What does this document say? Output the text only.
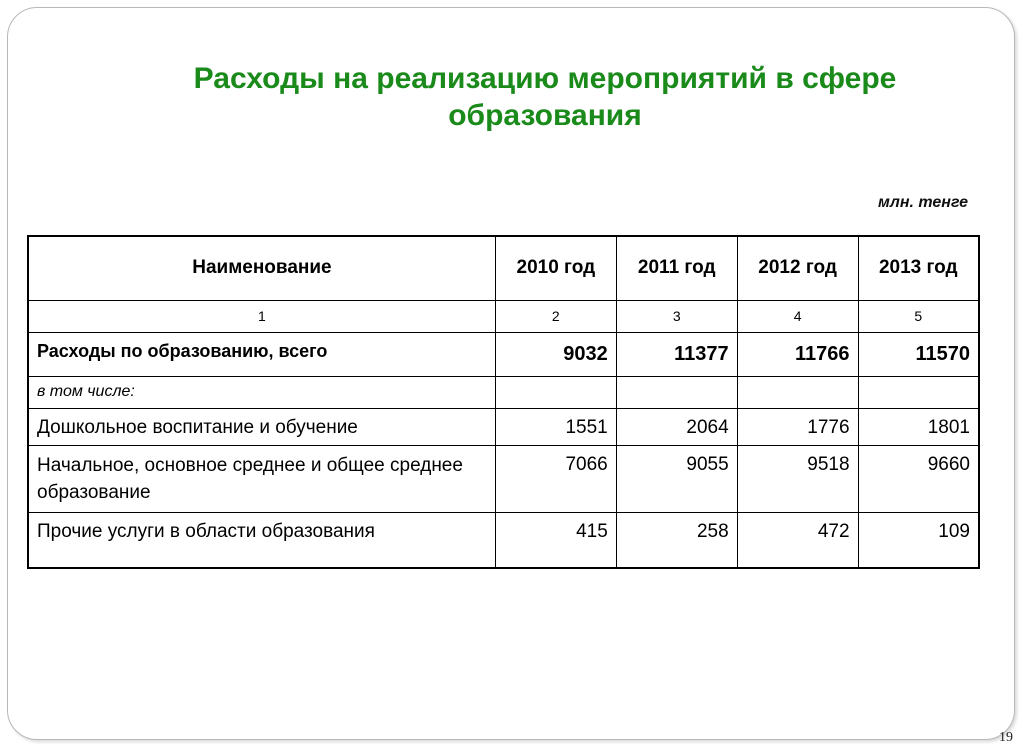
Расходы на реализацию мероприятий в сфере образования
млн. тенге
Наименование	2010 год	2011 год	2012 год	2013 год
1	2	3	4	5
Расходы по образованию, всего	9032	11377	11766	11570
в том числе:				
Дошкольное воспитание и обучение	1551	2064	1776	1801
Начальное, основное среднее и общее среднее образование	7066	9055	9518	9660
Прочие услуги в области образования	415	258	472	109
19
